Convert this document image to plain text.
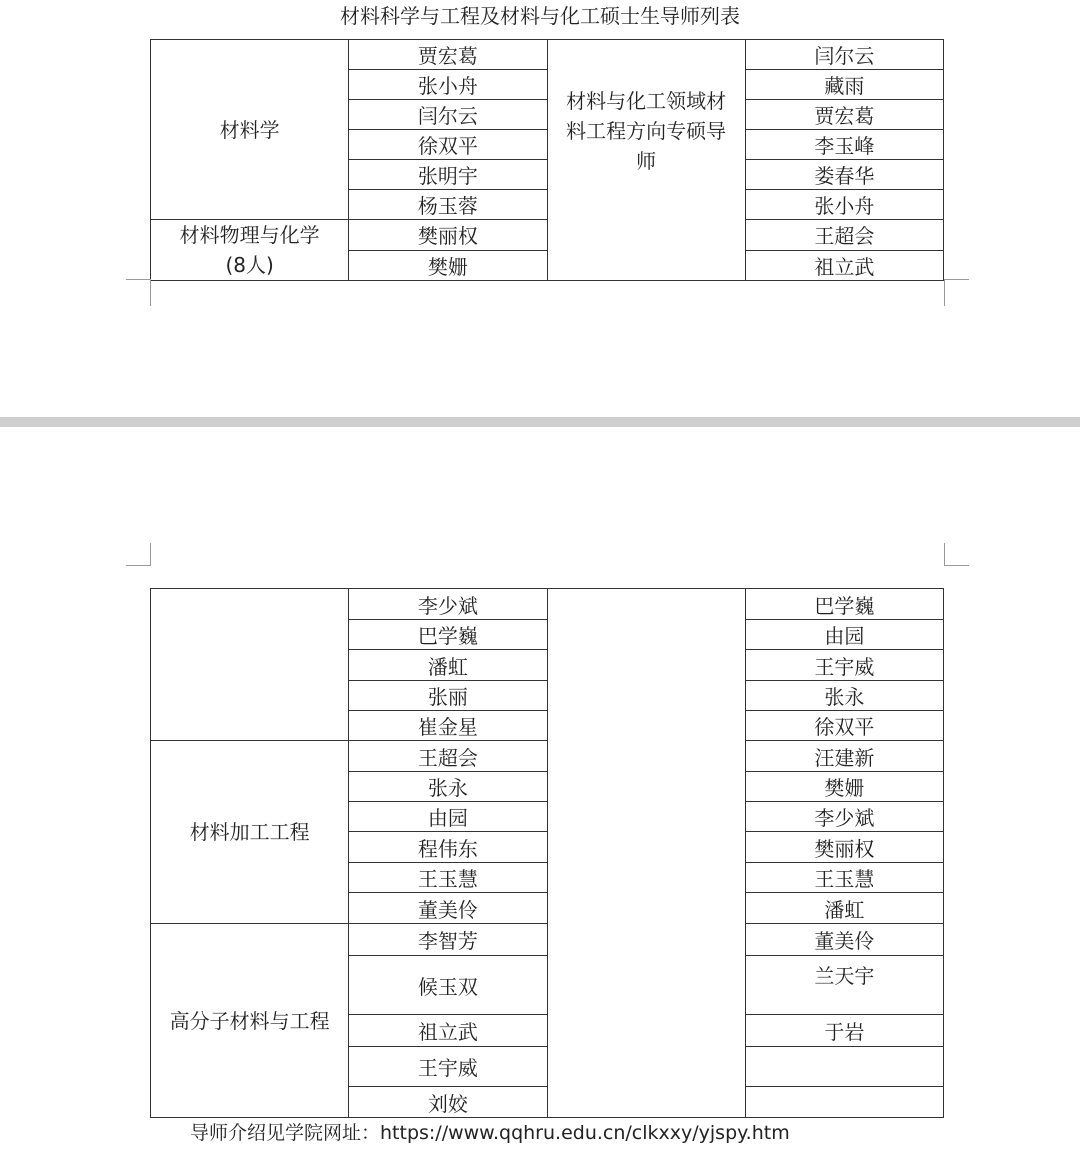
材料科学与工程及材料与化工硕士生导师列表
材料学	贾宏葛	材料与化工领域材料工程方向专硕导师	闫尔云
	张小舟		藏雨
	闫尔云		贾宏葛
	徐双平		李玉峰
	张明宇		娄春华
	杨玉蓉		张小舟
材料物理与化学
(8人)	樊丽权		王超会
	樊姗		祖立武
	李少斌		巴学巍
	巴学巍		由园
	潘虹		王宇威
	张丽		张永
	崔金星		徐双平
材料加工工程	王超会		汪建新
	张永		樊姗
	由园		李少斌
	程伟东		樊丽权
	王玉慧		王玉慧
	董美伶		潘虹
高分子材料与工程	李智芳		董美伶
	候玉双		兰天宇
	祖立武		于岩
	王宇威		
	刘姣		
导师介绍见学院网址：https://www.qqhru.edu.cn/clkxxy/yjspy.htm
